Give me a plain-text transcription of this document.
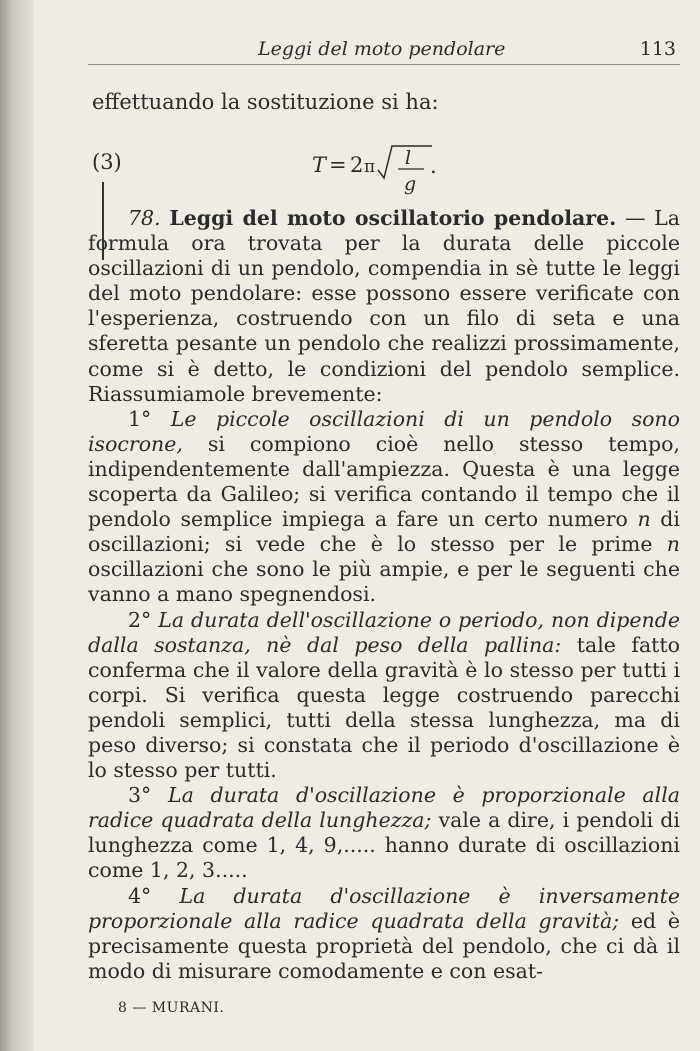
Leggi del moto pendolare	113
effettuando la sostituzione si ha:
(3)	T = 2 π l
g
.

78. Leggi del moto oscillatorio pendolare. — La formula ora trovata per la durata delle piccole oscillazioni di un pendolo, compendia in sè tutte le leggi del moto pendolare: esse possono essere verificate con l'esperienza, costruendo con un filo di seta e una sferetta pesante un pendolo che realizzi prossimamente, come si è detto, le condizioni del pendolo semplice. Riassumiamole brevemente:

1° Le piccole oscillazioni di un pendolo sono isocrone, si compiono cioè nello stesso tempo, indipendentemente dall'ampiezza. Questa è una legge scoperta da Galileo; si verifica contando il tempo che il pendolo semplice impiega a fare un certo numero n di oscillazioni; si vede che è lo stesso per le prime n oscillazioni che sono le più ampie, e per le seguenti che vanno a mano spegnendosi.

2° La durata dell'oscillazione o periodo, non dipende dalla sostanza, nè dal peso della pallina: tale fatto conferma che il valore della gravità è lo stesso per tutti i corpi. Si verifica questa legge costruendo parecchi pendoli semplici, tutti della stessa lunghezza, ma di peso diverso; si constata che il periodo d'oscillazione è lo stesso per tutti.

3° La durata d'oscillazione è proporzionale alla radice quadrata della lunghezza; vale a dire, i pendoli di lunghezza come 1, 4, 9,..... hanno durate di oscillazioni come 1, 2, 3.....

4° La durata d'oscillazione è inversamente proporzionale alla radice quadrata della gravità; ed è precisamente questa proprietà del pendolo, che ci dà il modo di misurare comodamente e con esat-

8 — MURANI.
